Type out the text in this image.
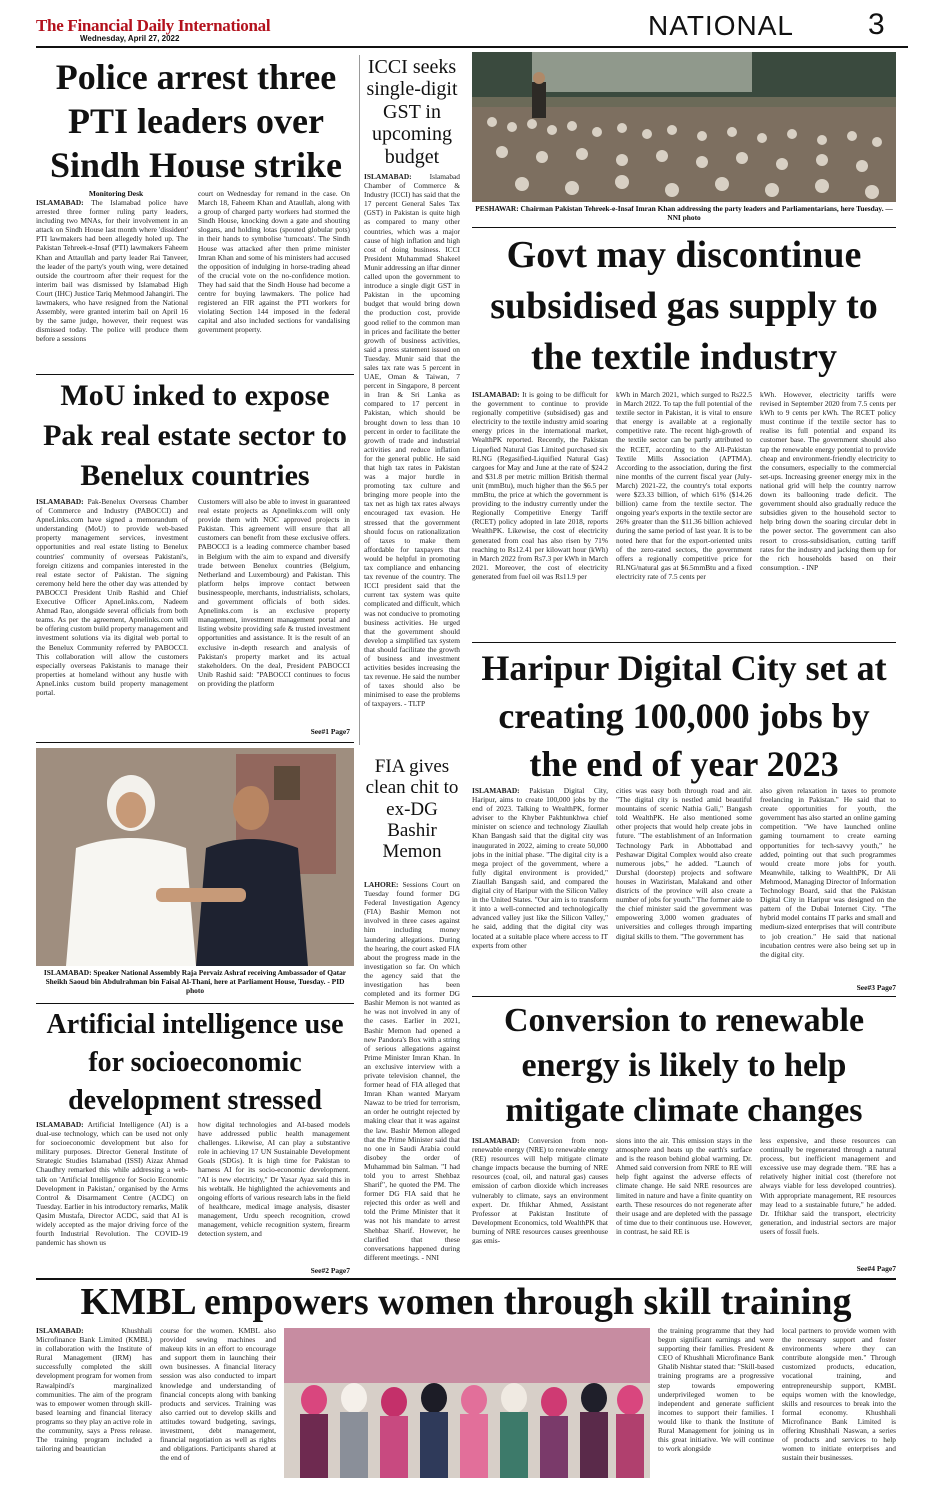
The Financial Daily International
Wednesday, April 27, 2022	NATIONAL 3
Police arrest three PTI leaders over Sindh House strike
Monitoring Desk
ISLAMABAD: The Islamabad police have arrested three former ruling party leaders, including two MNAs, for their involvement in an attack on Sindh House last month where 'dissident' PTI lawmakers had been allegedly holed up. The Pakistan Tehreek-e-Insaf (PTI) lawmakers Faheem Khan and Attaullah and party leader Rai Tanveer, the leader of the party's youth wing, were detained outside the courtroom after their request for the interim bail was dismissed by Islamabad High Court (IHC) Justice Tariq Mehmood Jahangiri. The lawmakers, who have resigned from the National Assembly, were granted interim bail on April 16 by the same judge, however, their request was dismissed today. The police will produce them before a sessions
court on Wednesday for remand in the case. On March 18, Faheem Khan and Ataullah, along with a group of charged party workers had stormed the Sindh House, knocking down a gate and shouting slogans, and holding lotas (spouted globular pots) in their hands to symbolise 'turncoats'. The Sindh House was attacked after then prime minister Imran Khan and some of his ministers had accused the opposition of indulging in horse-trading ahead of the crucial vote on the no-confidence motion. They had said that the Sindh House had become a centre for buying lawmakers. The police had registered an FIR against the PTI workers for violating Section 144 imposed in the federal capital and also included sections for vandalising government property.
ICCI seeks single-digit GST in upcoming budget
ISLAMABAD: Islamabad Chamber of Commerce & Industry (ICCI) has said that the 17 percent General Sales Tax (GST) in Pakistan is quite high as compared to many other countries, which was a major cause of high inflation and high cost of doing business. ICCI President Muhammad Shakeel Munir addressing an iftar dinner called upon the government to introduce a single digit GST in Pakistan in the upcoming budget that would bring down the production cost, provide good relief to the common man in prices and facilitate the better growth of business activities, said a press statement issued on Tuesday. Munir said that the sales tax rate was 5 percent in UAE, Oman & Taiwan, 7 percent in Singapore, 8 percent in Iran & Sri Lanka as compared to 17 percent in Pakistan, which should be brought down to less than 10 percent in order to facilitate the growth of trade and industrial activities and reduce inflation for the general public. He said that high tax rates in Pakistan was a major hurdle in promoting tax culture and bringing more people into the tax net as high tax rates always encouraged tax evasion. He stressed that the government should focus on rationalization of taxes to make them affordable for taxpayers that would be helpful in promoting tax compliance and enhancing tax revenue of the country. The ICCI president said that the current tax system was quite complicated and difficult, which was not conducive to promoting business activities. He urged that the government should develop a simplified tax system that should facilitate the growth of business and investment activities besides increasing the tax revenue. He said the number of taxes should also be minimised to ease the problems of taxpayers. - TLTP
PESHAWAR: Chairman Pakistan Tehreek-e-Insaf Imran Khan addressing the party leaders and Parliamentarians, here Tuesday. — NNI photo
Govt may discontinue subsidised gas supply to the textile industry
ISLAMABAD: It is going to be difficult for the government to continue to provide regionally competitive (subsidised) gas and electricity to the textile industry amid soaring energy prices in the international market, WealthPK reported. Recently, the Pakistan Liquefied Natural Gas Limited purchased six RLNG (Regasified-Liquified Natural Gas) cargoes for May and June at the rate of $24.2 and $31.8 per metric million British thermal unit (mmBtu), much higher than the $6.5 per mmBtu, the price at which the government is providing to the industry currently under the Regionally Competitive Energy Tariff (RCET) policy adopted in late 2018, reports WealthPK. Likewise, the cost of electricity generated from coal has also risen by 71% reaching to Rs12.41 per kilowatt hour (kWh) in March 2022 from Rs7.3 per kWh in March 2021. Moreover, the cost of electricity generated from fuel oil was Rs11.9 per
kWh in March 2021, which surged to Rs22.5 in March 2022. To tap the full potential of the textile sector in Pakistan, it is vital to ensure that energy is available at a regionally competitive rate. The recent high-growth of the textile sector can be partly attributed to the RCET, according to the All-Pakistan Textile Mills Association (APTMA). According to the association, during the first nine months of the current fiscal year (July-March) 2021-22, the country's total exports were $23.33 billion, of which 61% ($14.26 billion) came from the textile sector. The ongoing year's exports in the textile sector are 26% greater than the $11.36 billion achieved during the same period of last year. It is to be noted here that for the export-oriented units of the zero-rated sectors, the government offers a regionally competitive price for RLNG/natural gas at $6.5mmBtu and a fixed electricity rate of 7.5 cents per
kWh. However, electricity tariffs were revised in September 2020 from 7.5 cents per kWh to 9 cents per kWh. The RCET policy must continue if the textile sector has to realise its full potential and expand its customer base. The government should also tap the renewable energy potential to provide cheap and environment-friendly electricity to the consumers, especially to the commercial set-ups. Increasing greener energy mix in the national grid will help the country narrow down its ballooning trade deficit. The government should also gradually reduce the subsidies given to the household sector to help bring down the soaring circular debt in the power sector. The government can also resort to cross-subsidisation, cutting tariff rates for the industry and jacking them up for the rich households based on their consumption. - INP
MoU inked to expose Pak real estate sector to Benelux countries
ISLAMABAD: Pak-Benelux Overseas Chamber of Commerce and Industry (PABOCCI) and ApneLinks.com have signed a memorandum of understanding (MoU) to provide web-based property management services, investment opportunities and real estate listing to Benelux countries' community of overseas Pakistani's, foreign citizens and companies interested in the real estate sector of Pakistan. The signing ceremony held here the other day was attended by PABOCCI President Unib Rashid and Chief Executive Officer ApneLinks.com, Nadeem Ahmad Rao, alongside several officials from both teams. As per the agreement, Apnelinks.com will be offering custom build property management and investment solutions via its digital web portal to the Benelux Community referred by PABOCCI. This collaboration will allow the customers especially overseas Pakistanis to manage their properties at homeland without any hustle with ApneLinks custom build property management portal.
Customers will also be able to invest in guaranteed real estate projects as Apnelinks.com will only provide them with NOC approved projects in Pakistan. This agreement will ensure that all customers can benefit from these exclusive offers. PABOCCI is a leading commerce chamber based in Belgium with the aim to expand and diversify trade between Benelux countries (Belgium, Netherland and Luxembourg) and Pakistan. This platform helps improve contact between businesspeople, merchants, industrialists, scholars, and government officials of both sides. Apnelinks.com is an exclusive property management, investment management portal and listing website providing safe & trusted investment opportunities and assistance. It is the result of an exclusive in-depth research and analysis of Pakistan's property market and its actual stakeholders. On the deal, President PABOCCI Unib Rashid said: "PABOCCI continues to focus on providing the platform
See#1 Page7
ISLAMABAD: Speaker National Assembly Raja Pervaiz Ashraf receiving Ambassador of Qatar Sheikh Saoud bin Abdulrahman bin Faisal Al-Thani, here at Parliament House, Tuesday. - PID photo
FIA gives clean chit to ex-DG Bashir Memon
LAHORE: Sessions Court on Tuesday found former DG Federal Investigation Agency (FIA) Bashir Memon not involved in three cases against him including money laundering allegations. During the hearing, the court asked FIA about the progress made in the investigation so far. On which the agency said that the investigation has been completed and its former DG Bashir Memon is not wanted as he was not involved in any of the cases. Earlier in 2021, Bashir Memon had opened a new Pandora's Box with a string of serious allegations against Prime Minister Imran Khan. In an exclusive interview with a private television channel, the former head of FIA alleged that Imran Khan wanted Maryam Nawaz to be tried for terrorism, an order he outright rejected by making clear that it was against the law. Bashir Memon alleged that the Prime Minister said that no one in Saudi Arabia could disobey the order of Muhammad bin Salman. "I had told you to arrest Shehbaz Sharif", he quoted the PM. The former DG FIA said that he rejected this order as well and told the Prime Minister that it was not his mandate to arrest Shehbaz Sharif. However, he clarified that these conversations happened during different meetings. - NNI
Haripur Digital City set at creating 100,000 jobs by the end of year 2023
ISLAMABAD: Pakistan Digital City, Haripur, aims to create 100,000 jobs by the end of 2023. Talking to WealthPK, former adviser to the Khyber Pakhtunkhwa chief minister on science and technology Ziaullah Khan Bangash said that the digital city was inaugurated in 2022, aiming to create 50,000 jobs in the initial phase. "The digital city is a mega project of the government, where a fully digital environment is provided," Ziaullah Bangash said, and compared the digital city of Haripur with the Silicon Valley in the United States. "Our aim is to transform it into a well-connected and technologically advanced valley just like the Silicon Valley," he said, adding that the digital city was located at a suitable place where access to IT experts from other
cities was easy both through road and air. "The digital city is nestled amid beautiful mountains of scenic Nathia Gali," Bangash told WealthPK. He also mentioned some other projects that would help create jobs in future. "The establishment of an Information Technology Park in Abbottabad and Peshawar Digital Complex would also create numerous jobs," he added. "Launch of Durshal (doorstep) projects and software houses in Waziristan, Malakand and other districts of the province will also create a number of jobs for youth." The former aide to the chief minister said the government was empowering 3,000 women graduates of universities and colleges through imparting digital skills to them. "The government has
also given relaxation in taxes to promote freelancing in Pakistan." He said that to create opportunities for youth, the government has also started an online gaming competition. "We have launched online gaming tournament to create earning opportunities for tech-savvy youth," he added, pointing out that such programmes would create more jobs for youth. Meanwhile, talking to WealthPK, Dr Ali Mehmood, Managing Director of Information Technology Board, said that the Pakistan Digital City in Haripur was designed on the pattern of the Dubai Internet City. "The hybrid model contains IT parks and small and medium-sized enterprises that will contribute to job creation." He said that national incubation centres were also being set up in the digital city.
See#3 Page7
Artificial intelligence use for socioeconomic development stressed
ISLAMABAD: Artificial Intelligence (AI) is a dual-use technology, which can be used not only for socioeconomic development but also for military purposes. Director General Institute of Strategic Studies Islamabad (ISSI) Aizaz Ahmad Chaudhry remarked this while addressing a web-talk on 'Artificial Intelligence for Socio Economic Development in Pakistan,' organised by the Arms Control & Disarmament Centre (ACDC) on Tuesday. Earlier in his introductory remarks, Malik Qasim Mustafa, Director ACDC, said that AI is widely accepted as the major driving force of the fourth Industrial Revolution. The COVID-19 pandemic has shown us
how digital technologies and AI-based models have addressed public health management challenges. Likewise, AI can play a substantive role in achieving 17 UN Sustainable Development Goals (SDGs). It is high time for Pakistan to harness AI for its socio-economic development. "AI is new electricity," Dr Yasar Ayaz said this in his webtalk. He highlighted the achievements and ongoing efforts of various research labs in the field of healthcare, medical image analysis, disaster management, Urdu speech recognition, crowd management, vehicle recognition system, firearm detection system, and
See#2 Page7
Conversion to renewable energy is likely to help mitigate climate changes
ISLAMABAD: Conversion from non-renewable energy (NRE) to renewable energy (RE) resources will help mitigate climate change impacts because the burning of NRE resources (coal, oil, and natural gas) causes emission of carbon dioxide which increases vulnerably to climate, says an environment expert. Dr. Iftikhar Ahmed, Assistant Professor at Pakistan Institute of Development Economics, told WealthPK that burning of NRE resources causes greenhouse gas emis-
sions into the air. This emission stays in the atmosphere and heats up the earth's surface and is the reason behind global warming. Dr. Ahmed said conversion from NRE to RE will help fight against the adverse effects of climate change. He said NRE resources are limited in nature and have a finite quantity on earth. These resources do not regenerate after their usage and are depleted with the passage of time due to their continuous use. However, in contrast, he said RE is
less expensive, and these resources can continually be regenerated through a natural process, but inefficient management and excessive use may degrade them. "RE has a relatively higher initial cost (therefore not always viable for less developed countries). With appropriate management, RE resources may lead to a sustainable future," he added. Dr. Iftikhar said the transport, electricity generation, and industrial sectors are major users of fossil fuels.
See#4 Page7
KMBL empowers women through skill training
ISLAMABAD:	Khushhali Microfinance Bank Limited (KMBL) in collaboration with the Institute of Rural Management (IRM) has successfully completed the skill development program for women from Rawalpindi's marginalized communities. The aim of the program was to empower women through skill-based learning and financial literacy programs so they play an active role in the community, says a Press release. The training program included a tailoring and beautician
course for the women. KMBL also provided sewing machines and makeup kits in an effort to encourage and support them in launching their own businesses. A financial literacy session was also conducted to impart knowledge and understanding of financial concepts along with banking products and services. Training was also carried out to develop skills and attitudes toward budgeting, savings, investment, debt management, financial negotiation as well as rights and obligations. Participants shared at the end of
the training programme that they had begun significant earnings and were supporting their families. President & CEO of Khushhali Microfinance Bank Ghalib Nishtar stated that: "Skill-based training programs are a progressive step towards empowering underprivileged women to be independent and generate sufficient incomes to support their families. I would like to thank the Institute of Rural Management for joining us in this great initiative. We will continue to work alongside
local partners to provide women with the necessary support and foster environments where they can contribute alongside men." Through customized products, education, vocational training, and entrepreneurship support, KMBL equips women with the knowledge, skills and resources to break into the formal economy. Khushhali Microfinance Bank Limited is offering Khushhali Naswan, a series of products and services to help women to initiate enterprises and sustain their businesses.
